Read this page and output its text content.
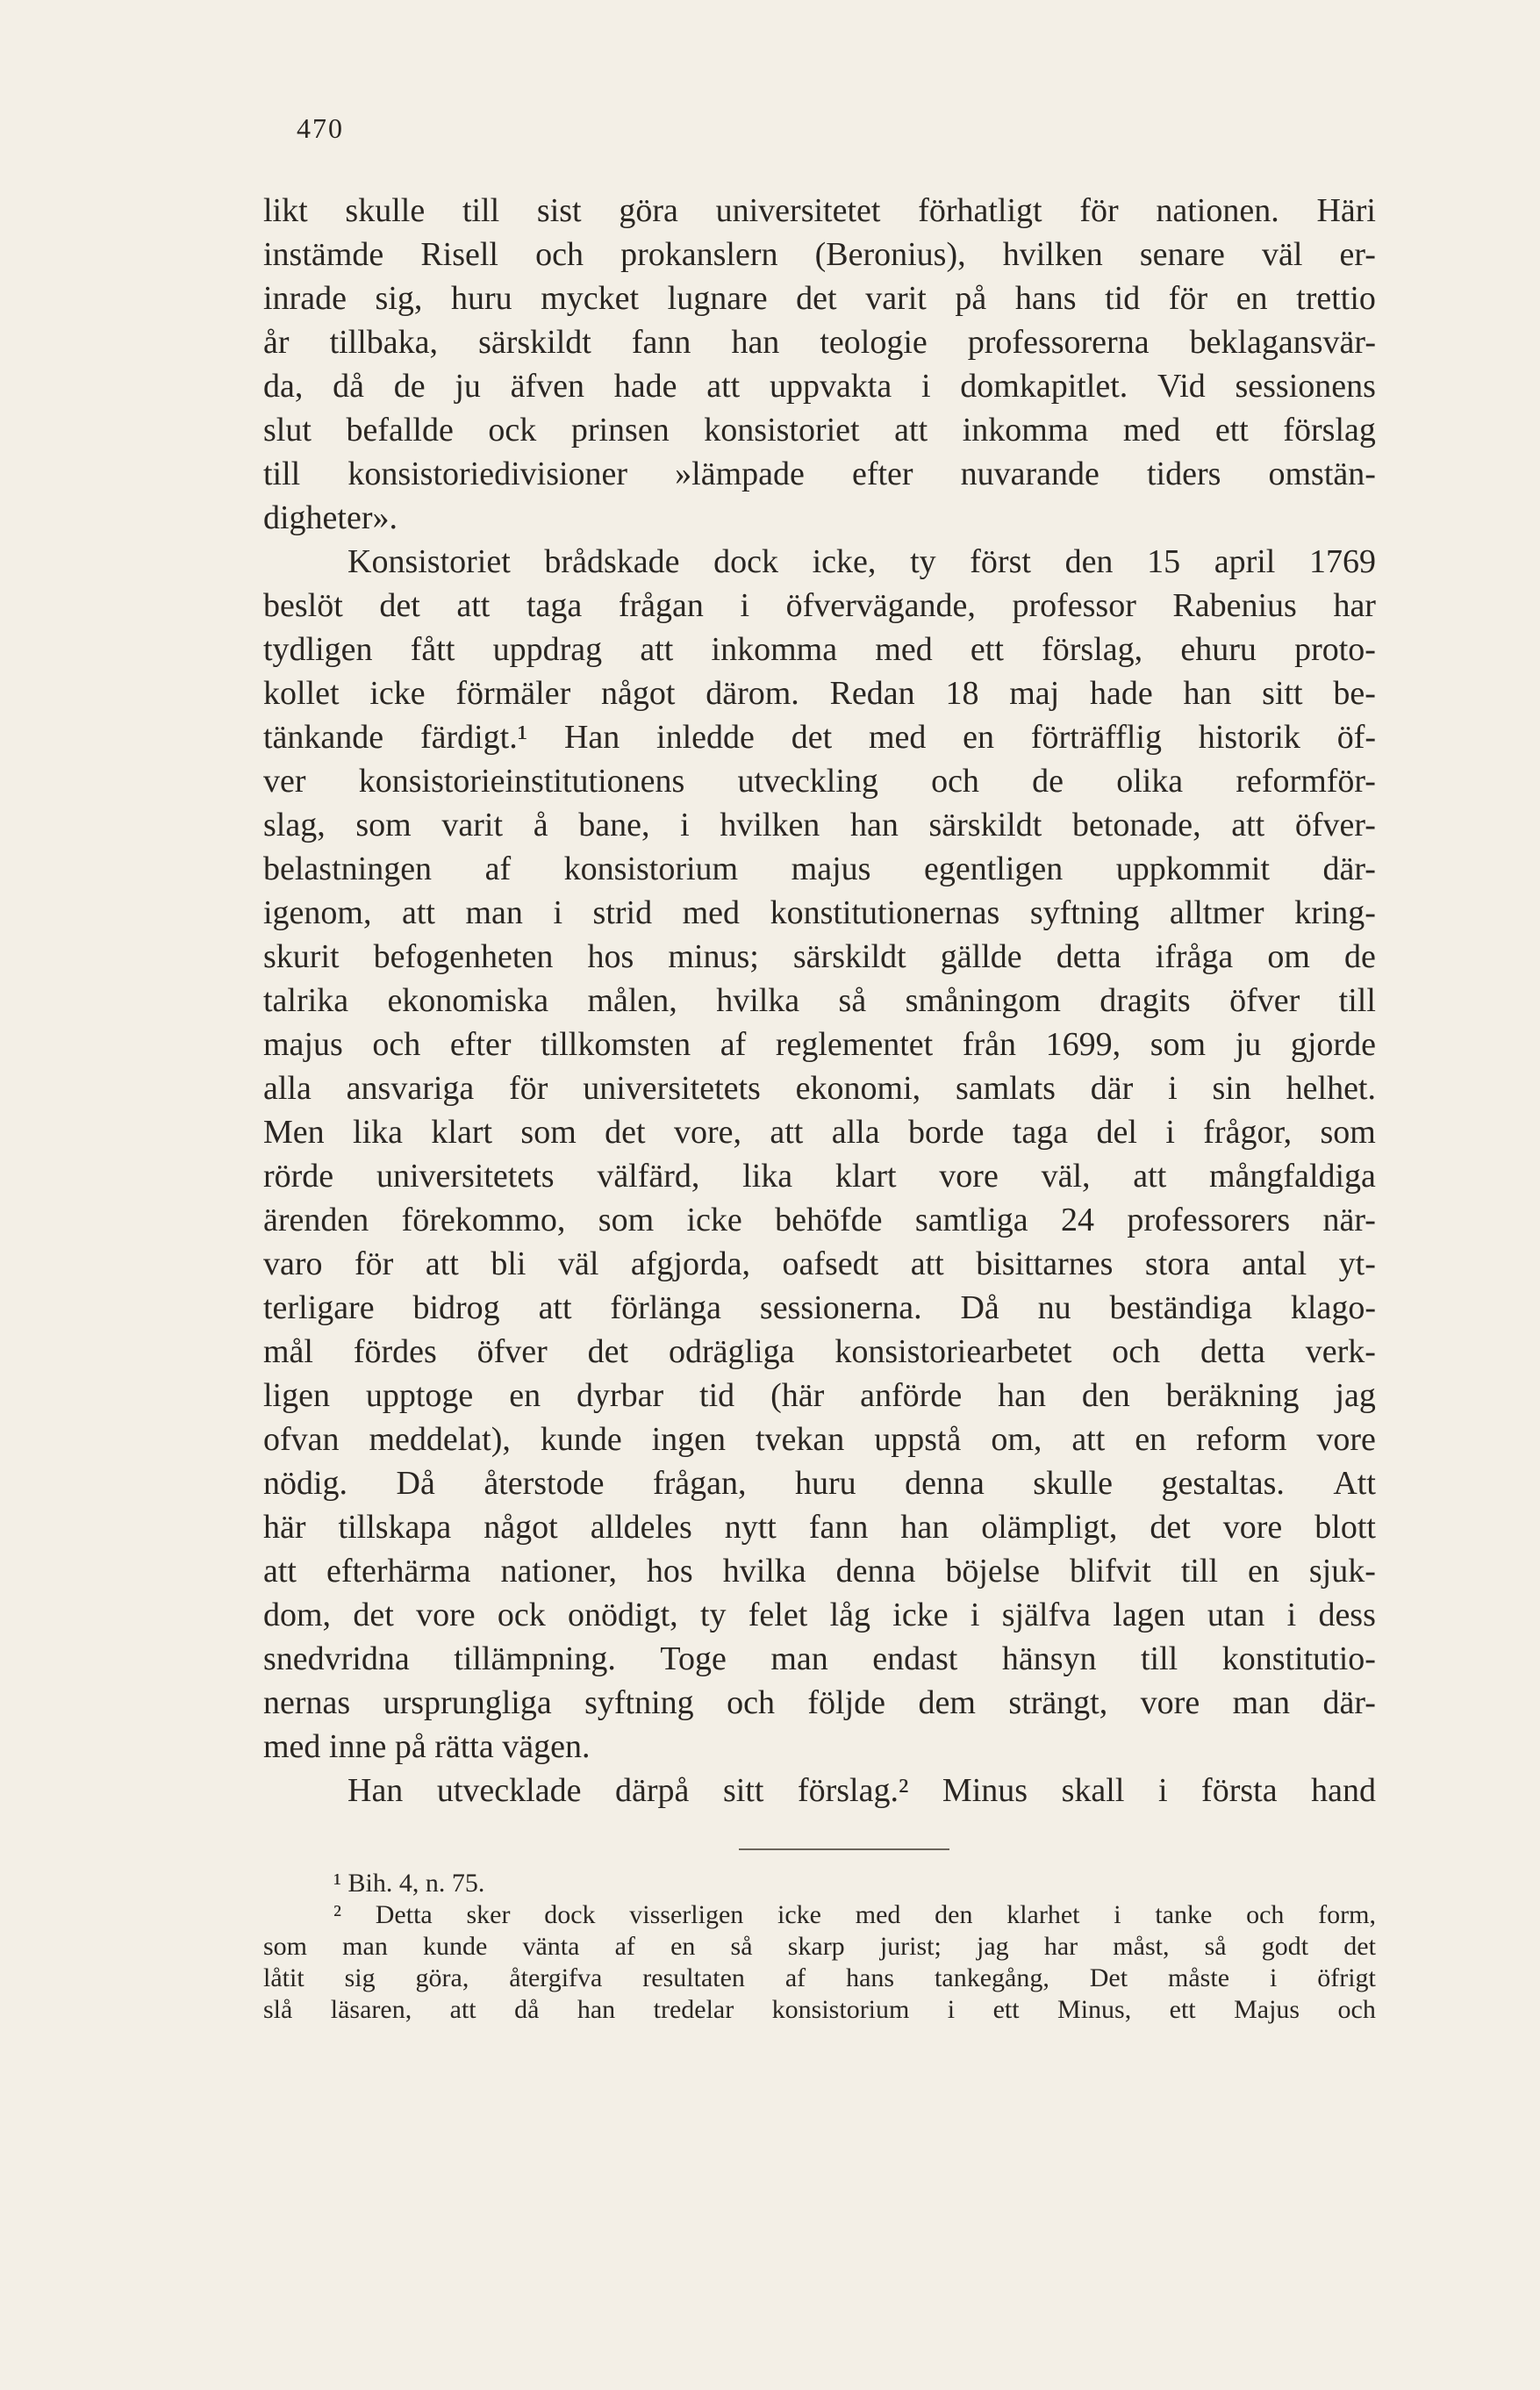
470
likt skulle till sist göra universitetet förhatligt för nationen. Häri
instämde Risell och prokanslern (Beronius), hvilken senare väl er-
inrade sig, huru mycket lugnare det varit på hans tid för en trettio
år tillbaka, särskildt fann han teologie professorerna beklagansvär-
da, då de ju äfven hade att uppvakta i domkapitlet. Vid sessionens
slut befallde ock prinsen konsistoriet att inkomma med ett förslag
till konsistoriedivisioner »lämpade efter nuvarande tiders omstän-
digheter».
Konsistoriet brådskade dock icke, ty först den 15 april 1769
beslöt det att taga frågan i öfvervägande, professor Rabenius har
tydligen fått uppdrag att inkomma med ett förslag, ehuru proto-
kollet icke förmäler något därom. Redan 18 maj hade han sitt be-
tänkande färdigt.¹ Han inledde det med en förträfflig historik öf-
ver konsistorieinstitutionens utveckling och de olika reformför-
slag, som varit å bane, i hvilken han särskildt betonade, att öfver-
belastningen af konsistorium majus egentligen uppkommit där-
igenom, att man i strid med konstitutionernas syftning alltmer kring-
skurit befogenheten hos minus; särskildt gällde detta ifråga om de
talrika ekonomiska målen, hvilka så småningom dragits öfver till
majus och efter tillkomsten af reglementet från 1699, som ju gjorde
alla ansvariga för universitetets ekonomi, samlats där i sin helhet.
Men lika klart som det vore, att alla borde taga del i frågor, som
rörde universitetets välfärd, lika klart vore väl, att mångfaldiga
ärenden förekommo, som icke behöfde samtliga 24 professorers när-
varo för att bli väl afgjorda, oafsedt att bisittarnes stora antal yt-
terligare bidrog att förlänga sessionerna. Då nu beständiga klago-
mål fördes öfver det odrägliga konsistoriearbetet och detta verk-
ligen upptoge en dyrbar tid (här anförde han den beräkning jag
ofvan meddelat), kunde ingen tvekan uppstå om, att en reform vore
nödig. Då återstode frågan, huru denna skulle gestaltas. Att
här tillskapa något alldeles nytt fann han olämpligt, det vore blott
att efterhärma nationer, hos hvilka denna böjelse blifvit till en sjuk-
dom, det vore ock onödigt, ty felet låg icke i själfva lagen utan i dess
snedvridna tillämpning. Toge man endast hänsyn till konstitutio-
nernas ursprungliga syftning och följde dem strängt, vore man där-
med inne på rätta vägen.
Han utvecklade därpå sitt förslag.² Minus skall i första hand
¹ Bih. 4, n. 75.
² Detta sker dock visserligen icke med den klarhet i tanke och form,
som man kunde vänta af en så skarp jurist; jag har måst, så godt det
låtit sig göra, återgifva resultaten af hans tankegång, Det måste i öfrigt
slå läsaren, att då han tredelar konsistorium i ett Minus, ett Majus och
